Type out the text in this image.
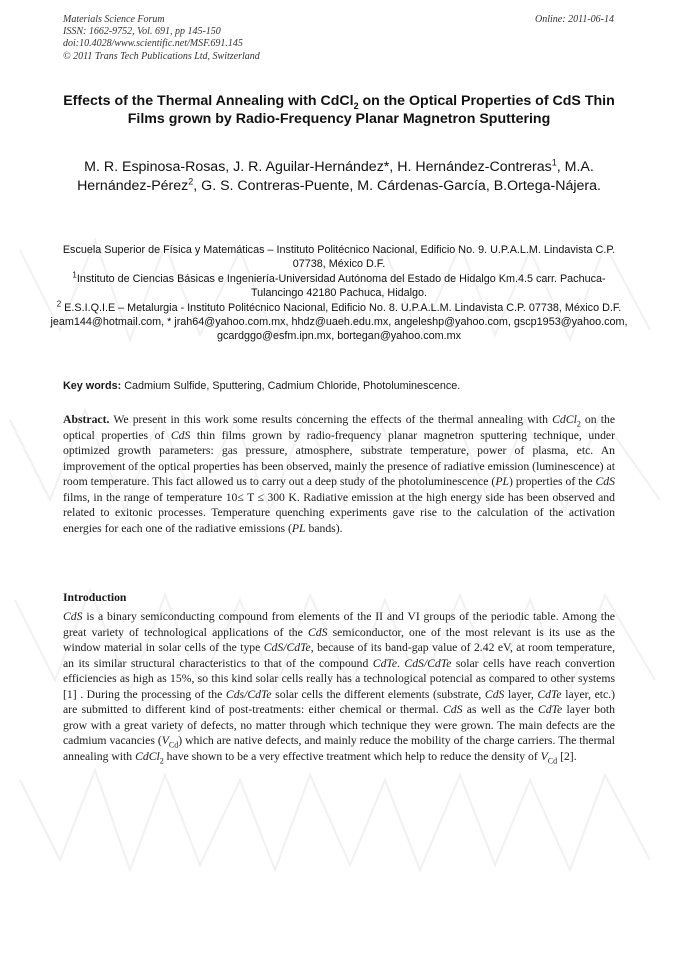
Materials Science Forum
ISSN: 1662-9752, Vol. 691, pp 145-150
doi:10.4028/www.scientific.net/MSF.691.145
© 2011 Trans Tech Publications Ltd, Switzerland
Online: 2011-06-14
Effects of the Thermal Annealing with CdCl$_2$ on the Optical Properties of CdS Thin Films grown by Radio-Frequency Planar Magnetron Sputtering
M. R. Espinosa-Rosas, J. R. Aguilar-Hernández*, H. Hernández-Contreras$^1$, M.A. Hernández-Pérez$^2$, G. S. Contreras-Puente, M. Cárdenas-García, B.Ortega-Nájera.
Escuela Superior de Física y Matemáticas – Instituto Politécnico Nacional, Edificio No. 9. U.P.A.L.M. Lindavista C.P. 07738, México D.F.
$^1$Instituto de Ciencias Básicas e Ingeniería-Universidad Autónoma del Estado de Hidalgo Km.4.5 carr. Pachuca- Tulancingo 42180 Pachuca, Hidalgo.
$^2$ E.S.I.Q.I.E – Metalurgia - Instituto Politécnico Nacional, Edificio No. 8. U.P.A.L.M. Lindavista C.P. 07738, México D.F.
jeam144@hotmail.com, * jrah64@yahoo.com.mx, hhdz@uaeh.edu.mx, angeleshp@yahoo.com, gscp1953@yahoo.com, gcardggo@esfm.ipn.mx, bortegan@yahoo.com.mx
Key words: Cadmium Sulfide, Sputtering, Cadmium Chloride, Photoluminescence.

Abstract. We present in this work some results concerning the effects of the thermal annealing with CdCl$_2$ on the optical properties of CdS thin films grown by radio-frequency planar magnetron sputtering technique, under optimized growth parameters: gas pressure, atmosphere, substrate temperature, power of plasma, etc. An improvement of the optical properties has been observed, mainly the presence of radiative emission (luminescence) at room temperature. This fact allowed us to carry out a deep study of the photoluminescence (PL) properties of the CdS films, in the range of temperature 10≤ T ≤ 300 K. Radiative emission at the high energy side has been observed and related to exitonic processes. Temperature quenching experiments gave rise to the calculation of the activation energies for each one of the radiative emissions (PL bands).

Introduction

CdS is a binary semiconducting compound from elements of the II and VI groups of the periodic table. Among the great variety of technological applications of the CdS semiconductor, one of the most relevant is its use as the window material in solar cells of the type CdS/CdTe, because of its band-gap value of 2.42 eV, at room temperature, an its similar structural characteristics to that of the compound CdTe. CdS/CdTe solar cells have reach convertion efficiencies as high as 15%, so this kind solar cells really has a technological potencial as compared to other systems [1] . During the processing of the Cds/CdTe solar cells the different elements (substrate, CdS layer, CdTe layer, etc.) are submitted to different kind of post-treatments: either chemical or thermal. CdS as well as the CdTe layer both grow with a great variety of defects, no matter through which technique they were grown. The main defects are the cadmium vacancies $(V_{Cd})$ which are native defects, and mainly reduce the mobility of the charge carriers. The thermal annealing with CdCl$_2$ have shown to be a very effective treatment which help to reduce the density of $V_{Cd}$ [2].
